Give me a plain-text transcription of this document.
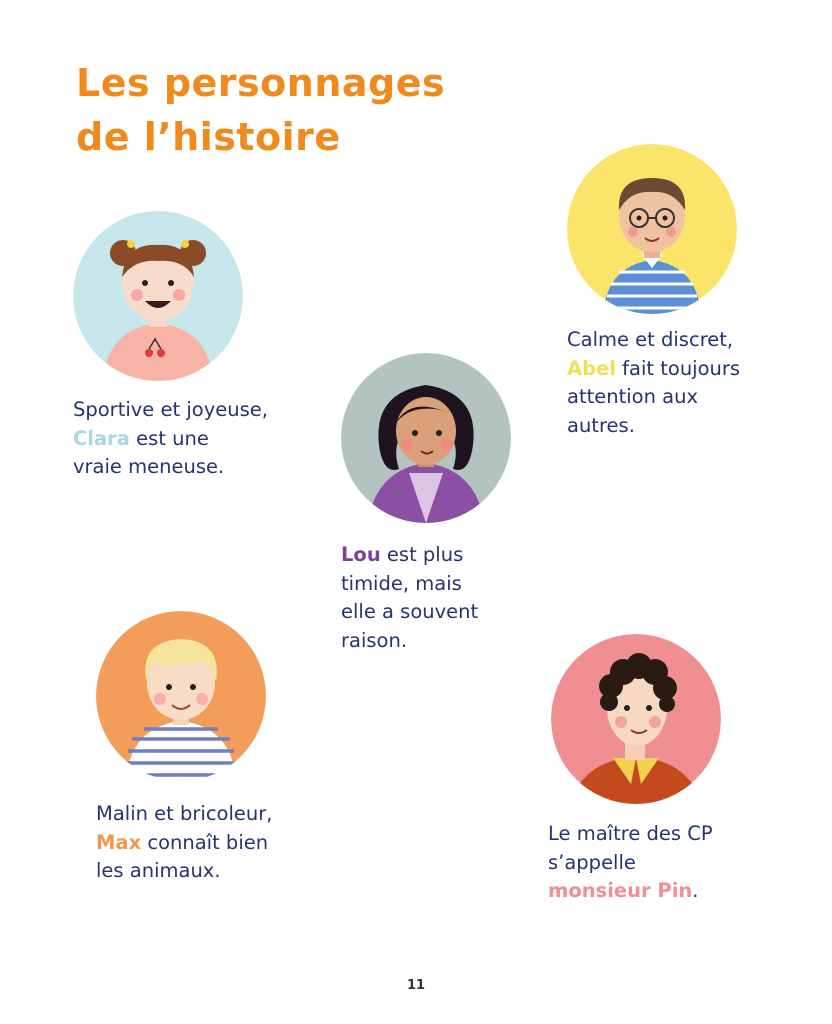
Les personnages
de l’histoire

Sportive et joyeuse,
Clara est une
vraie meneuse.

Calme et discret,
Abel fait toujours
attention aux
autres.

Lou est plus
timide, mais
elle a souvent
raison.

Malin et bricoleur,
Max connaît bien
les animaux.

Le maître des CP
s’appelle
monsieur Pin.

11
